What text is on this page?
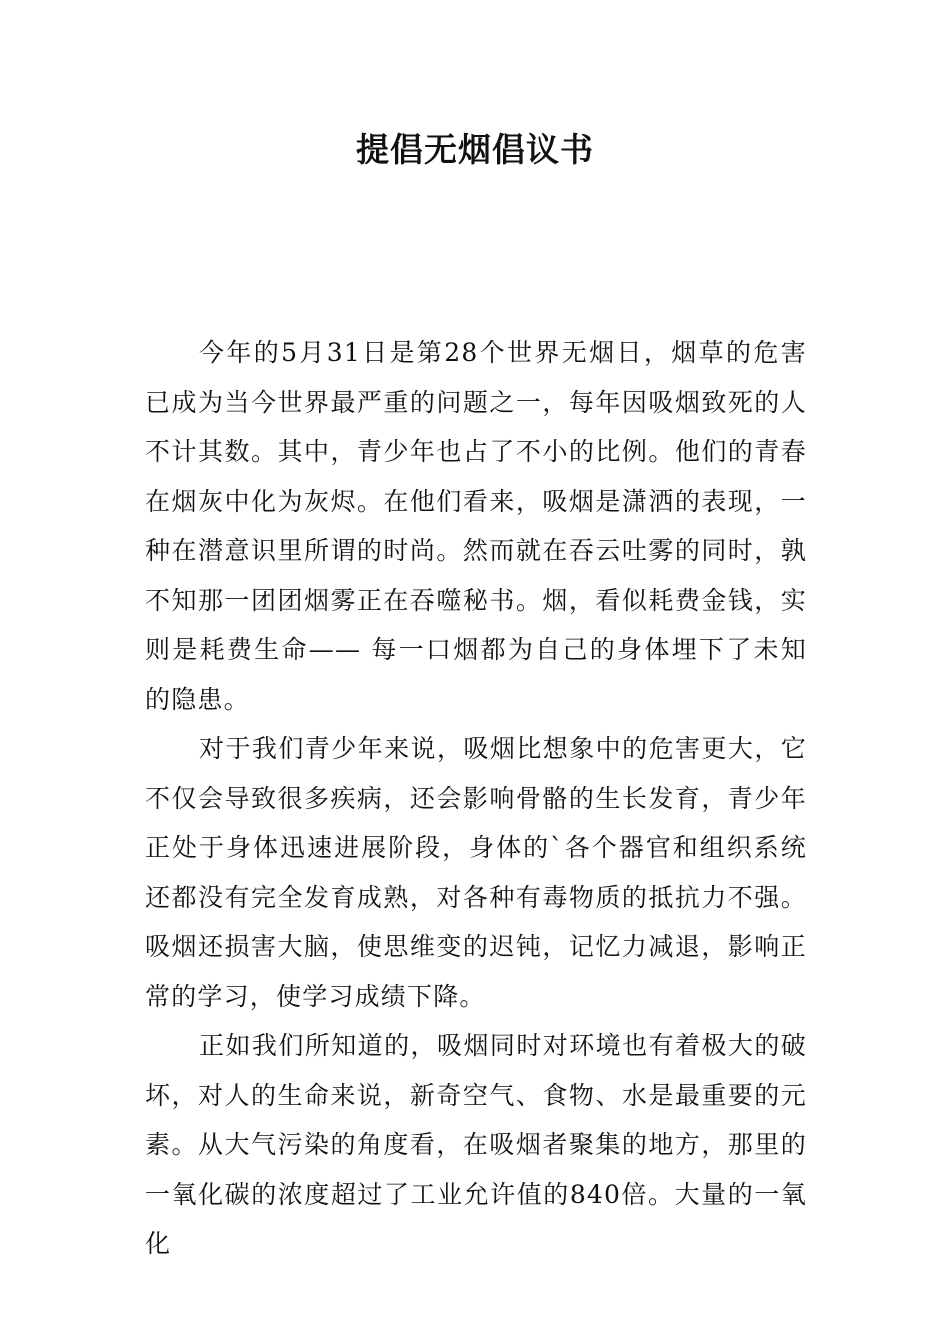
提倡无烟倡议书

今年的5月31日是第28个世界无烟日，烟草的危害已成为当今世界最严重的问题之一，每年因吸烟致死的人不计其数。其中，青少年也占了不小的比例。他们的青春在烟灰中化为灰烬。在他们看来，吸烟是潇洒的表现，一种在潜意识里所谓的时尚。然而就在吞云吐雾的同时，孰不知那一团团烟雾正在吞噬秘书。烟，看似耗费金钱，实则是耗费生命—— 每一口烟都为自己的身体埋下了未知的隐患。

对于我们青少年来说，吸烟比想象中的危害更大，它不仅会导致很多疾病，还会影响骨骼的生长发育，青少年正处于身体迅速进展阶段，身体的`各个器官和组织系统还都没有完全发育成熟，对各种有毒物质的抵抗力不强。吸烟还损害大脑，使思维变的迟钝，记忆力减退，影响正常的学习，使学习成绩下降。

正如我们所知道的，吸烟同时对环境也有着极大的破坏，对人的生命来说，新奇空气、食物、水是最重要的元素。从大气污染的角度看，在吸烟者聚集的地方，那里的一氧化碳的浓度超过了工业允许值的840倍。大量的一氧化
